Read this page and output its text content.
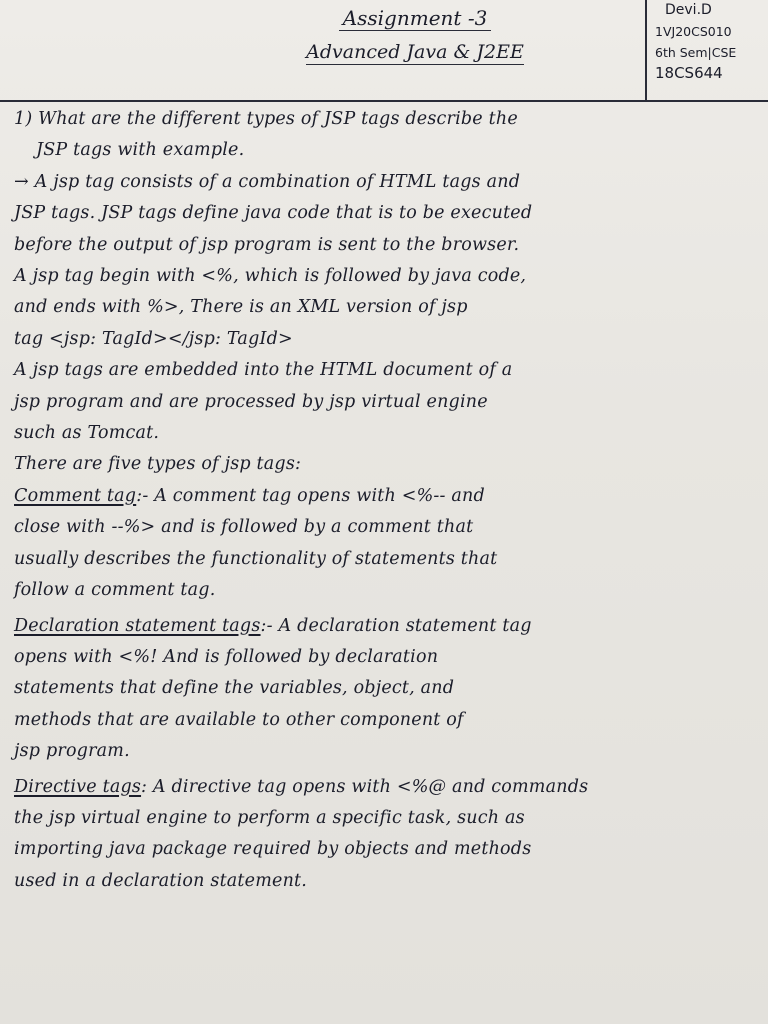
Assignment -3
Advanced Java & J2EE
Devi.D
1VJ20CS010
6th Sem|CSE
18CS644

1) What are the different types of JSP tags describe the

JSP tags with example.

→ A jsp tag consists of a combination of HTML tags and

JSP tags. JSP tags define java code that is to be executed

before the output of jsp program is sent to the browser.

A jsp tag begin with <%, which is followed by java code,

and ends with %>, There is an XML version of jsp

tag <jsp: TagId></jsp: TagId>

A jsp tags are embedded into the HTML document of a

jsp program and are processed by jsp virtual engine

such as Tomcat.

There are five types of jsp tags:

Comment tag:- A comment tag opens with <%-- and

close with --%> and is followed by a comment that

usually describes the functionality of statements that

follow a comment tag.

Declaration statement tags:- A declaration statement tag

opens with <%! And is followed by declaration

statements that define the variables, object, and

methods that are available to other component of

jsp program.

Directive tags: A directive tag opens with <%@ and commands

the jsp virtual engine to perform a specific task, such as

importing java package required by objects and methods

used in a declaration statement.
